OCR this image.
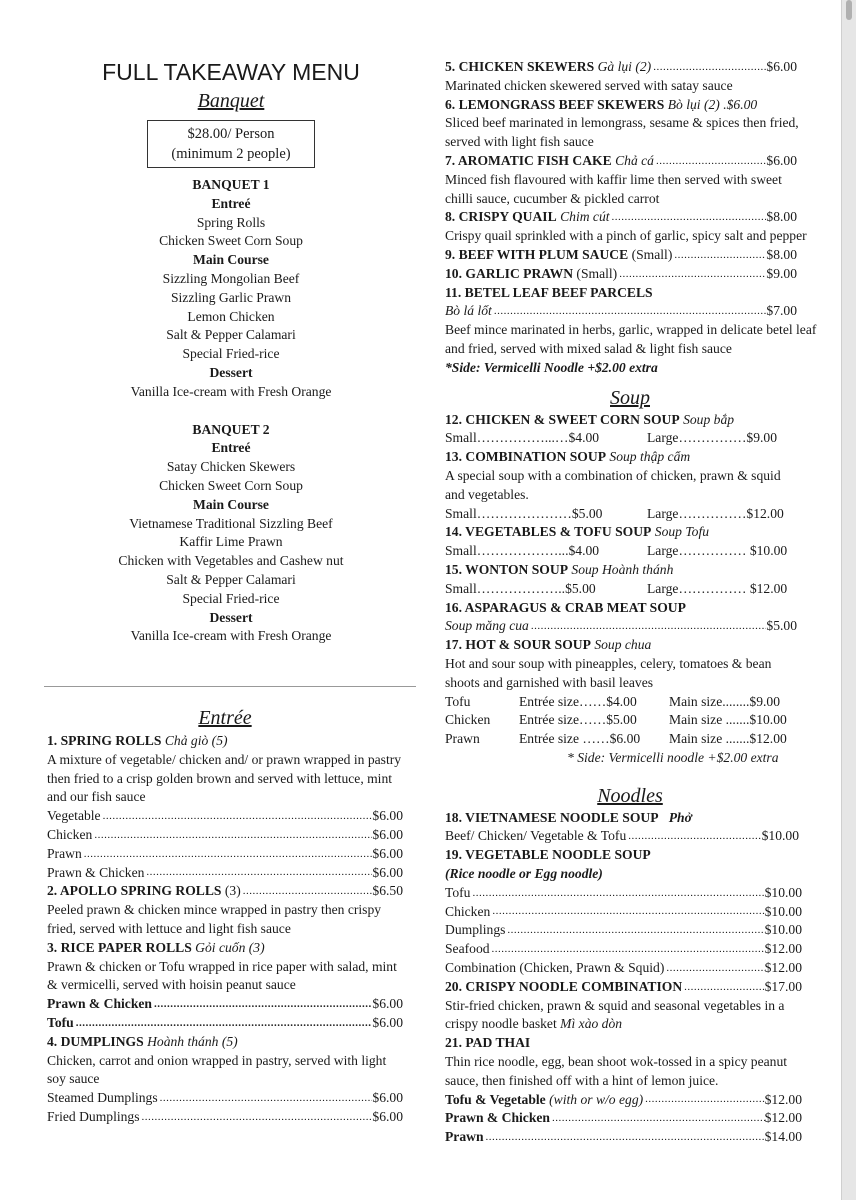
FULL TAKEAWAY MENU
Banquet
$28.00/ Person
(minimum 2 people)
BANQUET 1
Entreé
Spring Rolls
Chicken Sweet Corn Soup
Main Course
Sizzling Mongolian Beef
Sizzling Garlic Prawn
Lemon Chicken
Salt & Pepper Calamari
Special Fried-rice
Dessert
Vanilla Ice-cream with Fresh Orange
BANQUET 2
Entreé
Satay Chicken Skewers
Chicken Sweet Corn Soup
Main Course
Vietnamese Traditional Sizzling Beef
Kaffir Lime Prawn
Chicken with Vegetables and Cashew nut
Salt & Pepper Calamari
Special Fried-rice
Dessert
Vanilla Ice-cream with Fresh Orange
Entrée
1. SPRING ROLLS Chả giò (5)
A mixture of vegetable/ chicken and/ or prawn wrapped in pastry then fried to a crisp golden brown and served with lettuce, mint and our fish sauce
Vegetable .....	$6.00
Chicken .....	$6.00
Prawn .....	$6.00
Prawn & Chicken .....	$6.00
2. APOLLO SPRING ROLLS (3) .....	$6.50
Peeled prawn & chicken mince wrapped in pastry then crispy fried, served with lettuce and light fish sauce
3. RICE PAPER ROLLS Gỏi cuốn (3)
Prawn & chicken or Tofu wrapped in rice paper with salad, mint & vermicelli, served with hoisin peanut sauce
Prawn & Chicken .....	$6.00
Tofu .....	$6.00
4. DUMPLINGS Hoành thánh (5)
Chicken, carrot and onion wrapped in pastry, served with light soy sauce
Steamed Dumplings .....	$6.00
Fried Dumplings .....	$6.00
5. CHICKEN SKEWERS Gà lụi (2) .....	$6.00
Marinated chicken skewered served with satay sauce
6. LEMONGRASS BEEF SKEWERS Bò lụi (2) .$6.00
Sliced beef marinated in lemongrass, sesame & spices then fried, served with light fish sauce
7. AROMATIC FISH CAKE Chả cá .....	$6.00
Minced fish flavoured with kaffir lime then served with sweet chilli sauce, cucumber & pickled carrot
8. CRISPY QUAIL Chim cút .....	$8.00
Crispy quail sprinkled with a pinch of garlic, spicy salt and pepper
9. BEEF WITH PLUM SAUCE (Small) .....	$8.00
10. GARLIC PRAWN (Small) .....	$9.00
11. BETEL LEAF BEEF PARCELS
Bò lá lốt .....	$7.00
Beef mince marinated in herbs, garlic, wrapped in delicate betel leaf and fried, served with mixed salad & light fish sauce
*Side: Vermicelli Noodle +$2.00 extra
Soup
12. CHICKEN & SWEET CORN SOUP Soup bắp
Small……………...…$4.00	Large……………$9.00
13. COMBINATION SOUP Soup thập cẩm
A special soup with a combination of chicken, prawn & squid and vegetables.
Small…………………$5.00	Large……………$12.00
14. VEGETABLES & TOFU SOUP Soup Tofu
Small………………...$4.00	Large…………… $10.00
15. WONTON SOUP Soup Hoành thánh
Small………………..$5.00	Large…………… $12.00
16. ASPARAGUS & CRAB MEAT SOUP
Soup măng cua .....	$5.00
17. HOT & SOUR SOUP Soup chua
Hot and sour soup with pineapples, celery, tomatoes & bean shoots and garnished with basil leaves
Tofu	Entrée size……$4.00	Main size........$9.00
Chicken	Entrée size……$5.00	Main size .......$10.00
Prawn	Entrée size ……$6.00	Main size .......$12.00
* Side: Vermicelli noodle +$2.00 extra
Noodles
18. VIETNAMESE NOODLE SOUP Phở
Beef/ Chicken/ Vegetable & Tofu .....	$10.00
19. VEGETABLE NOODLE SOUP
(Rice noodle or Egg noodle)
Tofu .....	$10.00
Chicken .....	$10.00
Dumplings .....	$10.00
Seafood .....	$12.00
Combination (Chicken, Prawn & Squid) .....	$12.00
20. CRISPY NOODLE COMBINATION .....	$17.00
Stir-fried chicken, prawn & squid and seasonal vegetables in a crispy noodle basket Mì xào dòn
21. PAD THAI
Thin rice noodle, egg, bean shoot wok-tossed in a spicy peanut sauce, then finished off with a hint of lemon juice.
Tofu & Vegetable (with or w/o egg) .....	$12.00
Prawn & Chicken .....	$12.00
Prawn .....	$14.00
